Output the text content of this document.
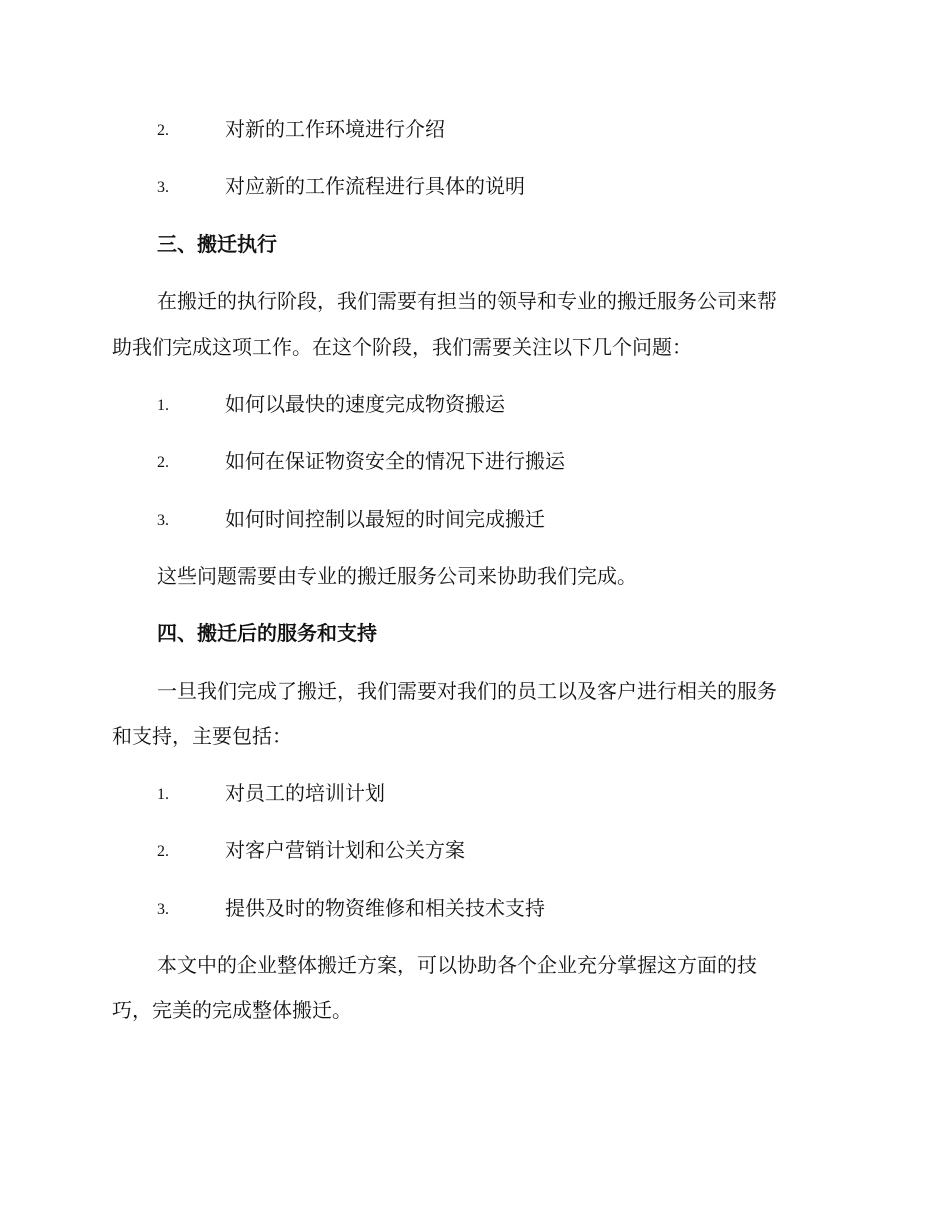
2.	对新的工作环境进行介绍
3.	对应新的工作流程进行具体的说明
三、搬迁执行
在搬迁的执行阶段，我们需要有担当的领导和专业的搬迁服务公司来帮
助我们完成这项工作。在这个阶段，我们需要关注以下几个问题：
1.	如何以最快的速度完成物资搬运
2.	如何在保证物资安全的情况下进行搬运
3.	如何时间控制以最短的时间完成搬迁
这些问题需要由专业的搬迁服务公司来协助我们完成。
四、搬迁后的服务和支持
一旦我们完成了搬迁，我们需要对我们的员工以及客户进行相关的服务
和支持，主要包括：
1.	对员工的培训计划
2.	对客户营销计划和公关方案
3.	提供及时的物资维修和相关技术支持
本文中的企业整体搬迁方案，可以协助各个企业充分掌握这方面的技
巧，完美的完成整体搬迁。
